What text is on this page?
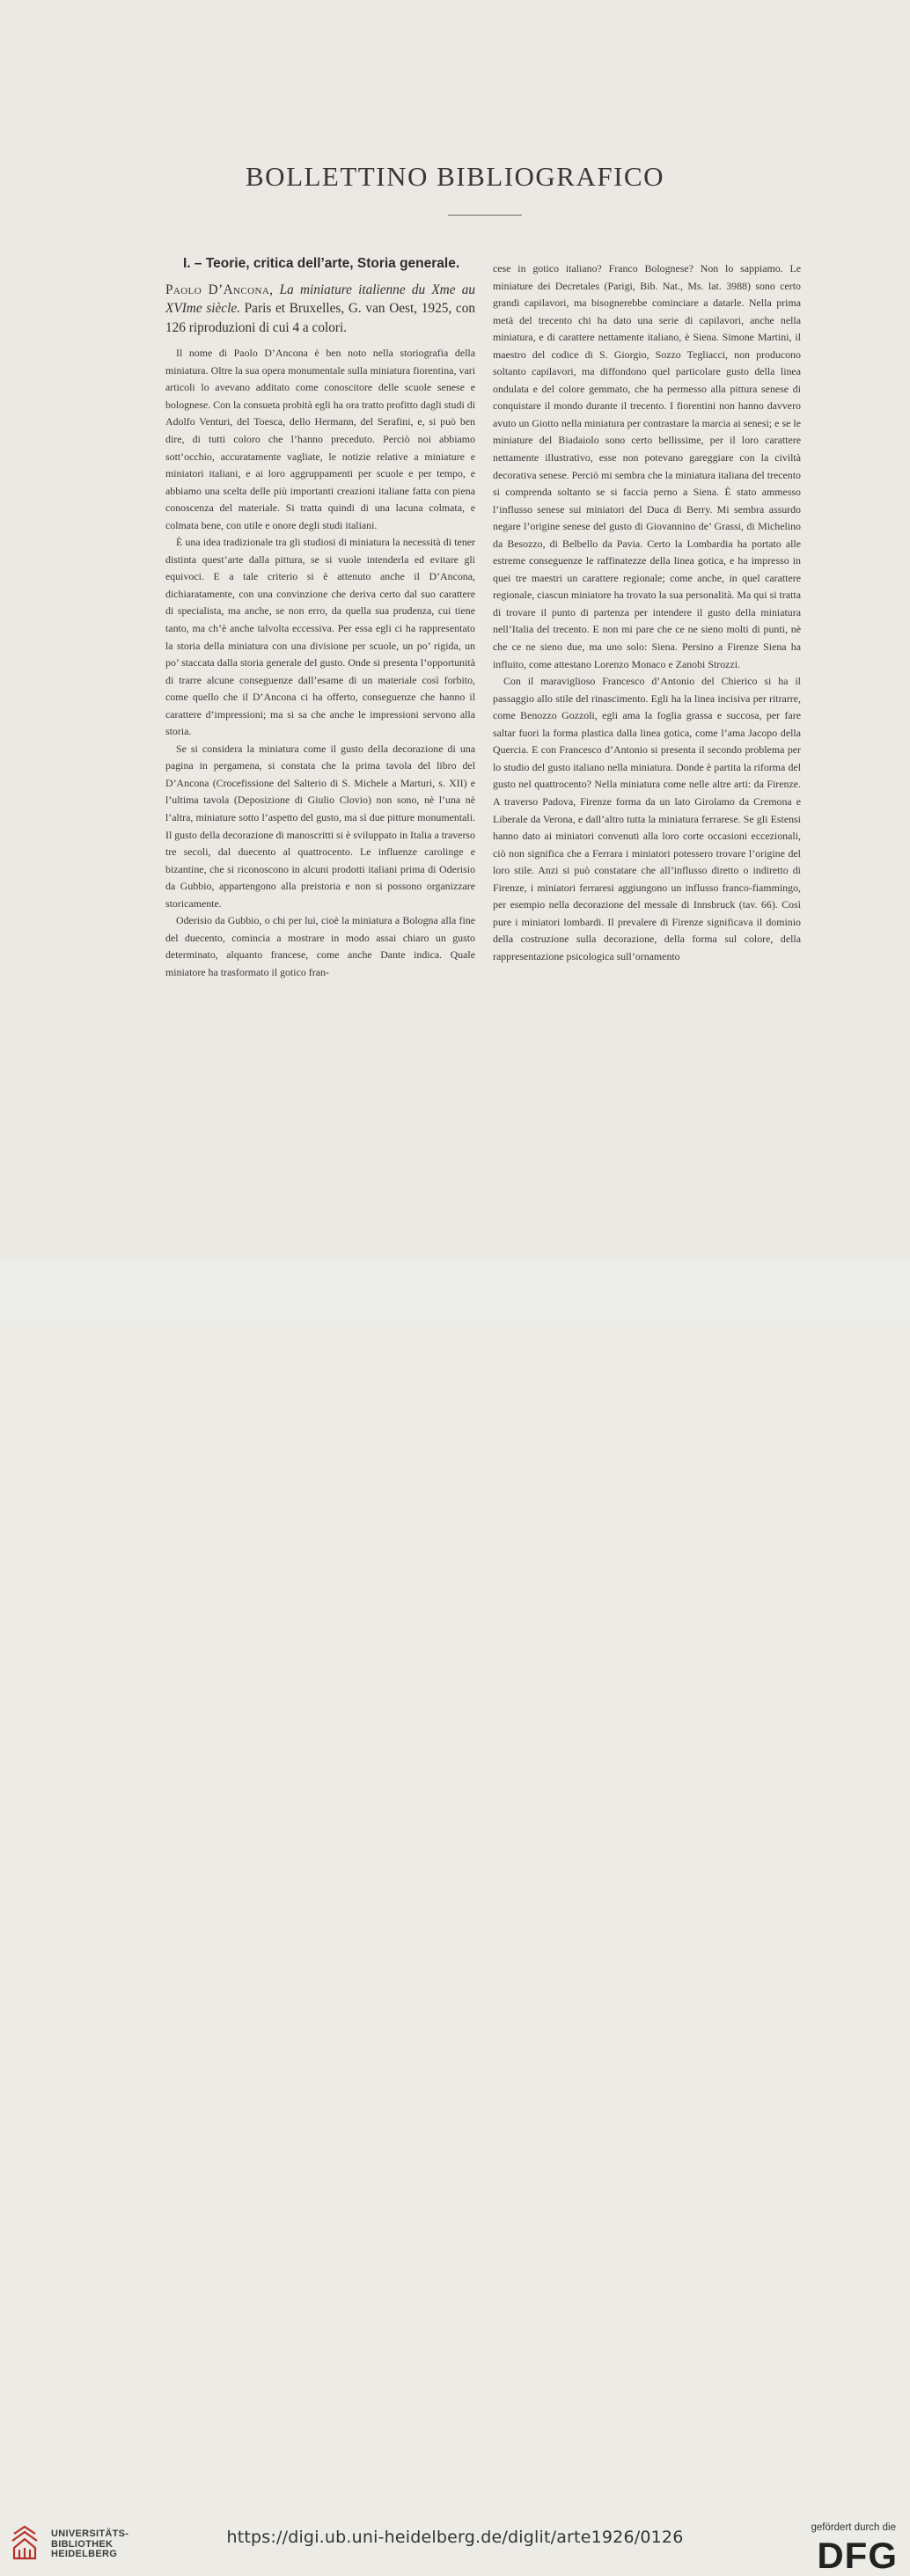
BOLLETTINO BIBLIOGRAFICO
I. – Teorie, critica dell’arte, Storia generale.
Paolo D’Ancona, La miniature italienne du Xme au XVIme siècle. Paris et Bruxelles, G. van Oest, 1925, con 126 riproduzioni di cui 4 a colori.

Il nome di Paolo D’Ancona è ben noto nella storiografia della miniatura. Oltre la sua opera monumentale sulla miniatura fiorentina, vari articoli lo avevano additato come conoscitore delle scuole senese e bolognese. Con la consueta probità egli ha ora tratto profitto dagli studi di Adolfo Venturi, del Toesca, dello Hermann, del Serafini, e, si può ben dire, di tutti coloro che l’hanno preceduto. Perciò noi abbiamo sott’occhio, accuratamente vagliate, le notizie relative a miniature e miniatori italiani, e ai loro aggruppamenti per scuole e per tempo, e abbiamo una scelta delle più importanti creazioni italiane fatta con piena conoscenza del materiale. Si tratta quindi di una lacuna colmata, e colmata bene, con utile e onore degli studi italiani.

È una idea tradizionale tra gli studiosi di miniatura la necessità di tener distinta quest’arte dalla pittura, se si vuole intenderla ed evitare gli equivoci. E a tale criterio si è attenuto anche il D’Ancona, dichiaratamente, con una convinzione che deriva certo dal suo carattere di specialista, ma anche, se non erro, da quella sua prudenza, cui tiene tanto, ma ch’è anche talvolta eccessiva. Per essa egli ci ha rappresentato la storia della miniatura con una divisione per scuole, un po’ rigida, un po’ staccata dalla storia generale del gusto. Onde si presenta l’opportunità di trarre alcune conseguenze dall’esame di un materiale così forbito, come quello che il D’Ancona ci ha offerto, conseguenze che hanno il carattere d’impressioni; ma si sa che anche le impressioni servono alla storia.

Se si considera la miniatura come il gusto della decorazione di una pagina in pergamena, si constata che la prima tavola del libro del D’Ancona (Crocefissione del Salterio di S. Michele a Marturi, s. XII) e l’ultima tavola (Deposizione di Giulio Clovio) non sono, nè l’una nè l’altra, miniature sotto l’aspetto del gusto, ma sì due pitture monumentali. Il gusto della decorazione di manoscritti si è sviluppato in Italia a traverso tre secoli, dal duecento al quattrocento. Le influenze carolinge e bizantine, che si riconoscono in alcuni prodotti italiani prima di Oderisio da Gubbio, appartengono alla preistoria e non si possono organizzare storicamente.

Oderisio da Gubbio, o chi per lui, cioè la miniatura a Bologna alla fine del duecento, comincia a mostrare in modo assai chiaro un gusto determinato, alquanto francese, come anche Dante indica. Quale miniatore ha trasformato il gotico fran-

cese in gotico italiano? Franco Bolognese? Non lo sappiamo. Le miniature dei Decretales (Parigi, Bib. Nat., Ms. lat. 3988) sono certo grandi capilavori, ma bisognerebbe cominciare a datarle. Nella prima metà del trecento chi ha dato una serie di capilavori, anche nella miniatura, e di carattere nettamente italiano, è Siena. Simone Martini, il maestro del codice di S. Giorgio, Sozzo Tegliacci, non producono soltanto capilavori, ma diffondono quel particolare gusto della linea ondulata e del colore gemmato, che ha permesso alla pittura senese di conquistare il mondo durante il trecento. I fiorentini non hanno davvero avuto un Giotto nella miniatura per contrastare la marcia ai senesi; e se le miniature del Biadaiolo sono certo bellissime, per il loro carattere nettamente illustrativo, esse non potevano gareggiare con la civiltà decorativa senese. Perciò mi sembra che la miniatura italiana del trecento si comprenda soltanto se si faccia perno a Siena. È stato ammesso l’influsso senese sui miniatori del Duca di Berry. Mi sembra assurdo negare l’origine senese del gusto di Giovannino de’ Grassi, di Michelino da Besozzo, di Belbello da Pavia. Certo la Lombardia ha portato alle estreme conseguenze le raffinatezze della linea gotica, e ha impresso in quei tre maestri un carattere regionale; come anche, in quel carattere regionale, ciascun miniatore ha trovato la sua personalità. Ma qui si tratta di trovare il punto di partenza per intendere il gusto della miniatura nell’Italia del trecento. E non mi pare che ce ne sieno molti di punti, nè che ce ne sieno due, ma uno solo: Siena. Persino a Firenze Siena ha influito, come attestano Lorenzo Monaco e Zanobi Strozzi.

Con il maraviglioso Francesco d’Antonio del Chierico si ha il passaggio allo stile del rinascimento. Egli ha la linea incisiva per ritrarre, come Benozzo Gozzoli, egli ama la foglia grassa e succosa, per fare saltar fuori la forma plastica dalla linea gotica, come l’ama Jacopo della Quercia. E con Francesco d’Antonio si presenta il secondo problema per lo studio del gusto italiano nella miniatura. Donde è partita la riforma del gusto nel quattrocento? Nella miniatura come nelle altre arti: da Firenze. A traverso Padova, Firenze forma da un lato Girolamo da Cremona e Liberale da Verona, e dall’altro tutta la miniatura ferrarese. Se gli Estensi hanno dato ai miniatori convenuti alla loro corte occasioni eccezionali, ciò non significa che a Ferrara i miniatori potessero trovare l’origine del loro stile. Anzi si può constatare che all’influsso diretto o indiretto di Firenze, i miniatori ferraresi aggiungono un influsso franco-fiammingo, per esempio nella decorazione del messale di Innsbruck (tav. 66). Così pure i miniatori lombardi. Il prevalere di Firenze significava il dominio della costruzione sulla decorazione, della forma sul colore, della rappresentazione psicologica sull’ornamento

UNIVERSITÄTS-
BIBLIOTHEK
HEIDELBERG
https://digi.ub.uni-heidelberg.de/diglit/arte1926/0126	gefördert durch die
DFG
